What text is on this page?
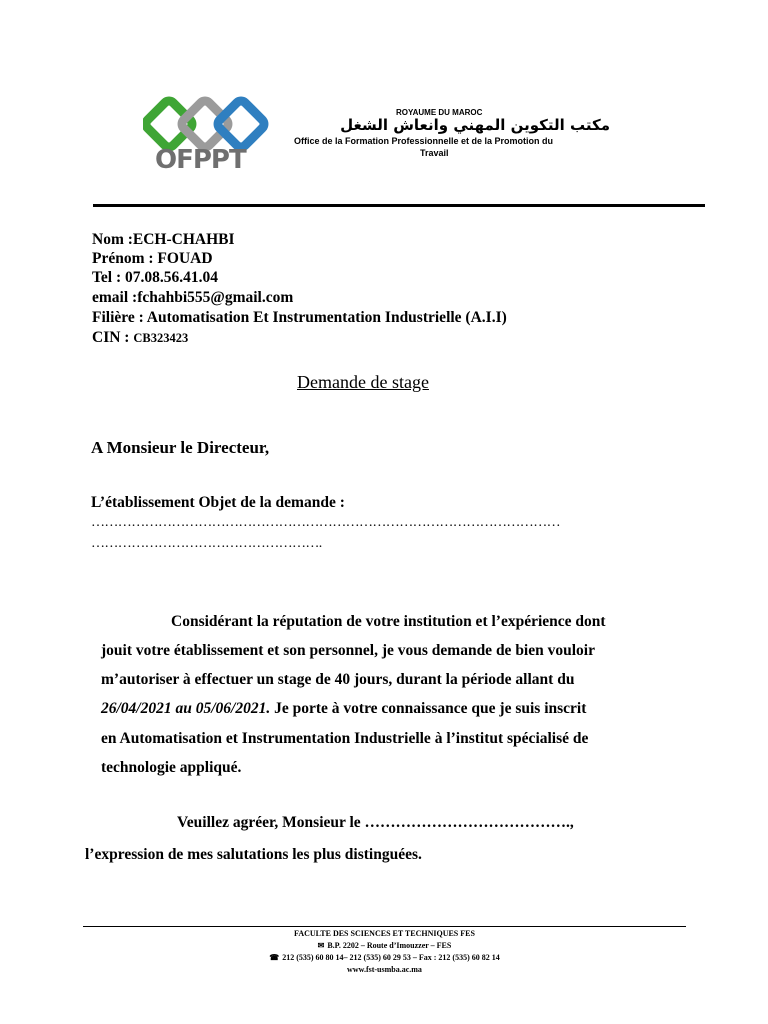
OFPPT
ROYAUME DU MAROC
مكتب التكوين المهني وانعاش الشغل
Office de la Formation Professionnelle et de la Promotion du
Travail
Nom :ECH-CHAHBI
Prénom : FOUAD
Tel : 07.08.56.41.04
email :fchahbi555@gmail.com
Filière : Automatisation Et Instrumentation Industrielle (A.I.I)
CIN : CB323423
Demande de stage
A Monsieur le Directeur,
L’établissement Objet de la demande :
……………………………………………………………………………………………
…………………………………………….
Considérant la réputation de votre institution et l’expérience dont
jouit votre établissement et son personnel, je vous demande de bien vouloir
m’autoriser à effectuer un stage de 40 jours, durant la période allant du
26/04/2021 au 05/06/2021. Je porte à votre connaissance que je suis inscrit
en Automatisation et Instrumentation Industrielle à l’institut spécialisé de
technologie appliqué.
Veuillez agréer, Monsieur le ………………………………….,
l’expression de mes salutations les plus distinguées.
FACULTE DES SCIENCES ET TECHNIQUES FES
✉ B.P. 2202 – Route d’Imouzzer – FES
☎ 212 (535) 60 80 14– 212 (535) 60 29 53 – Fax : 212 (535) 60 82 14
www.fst-usmba.ac.ma
